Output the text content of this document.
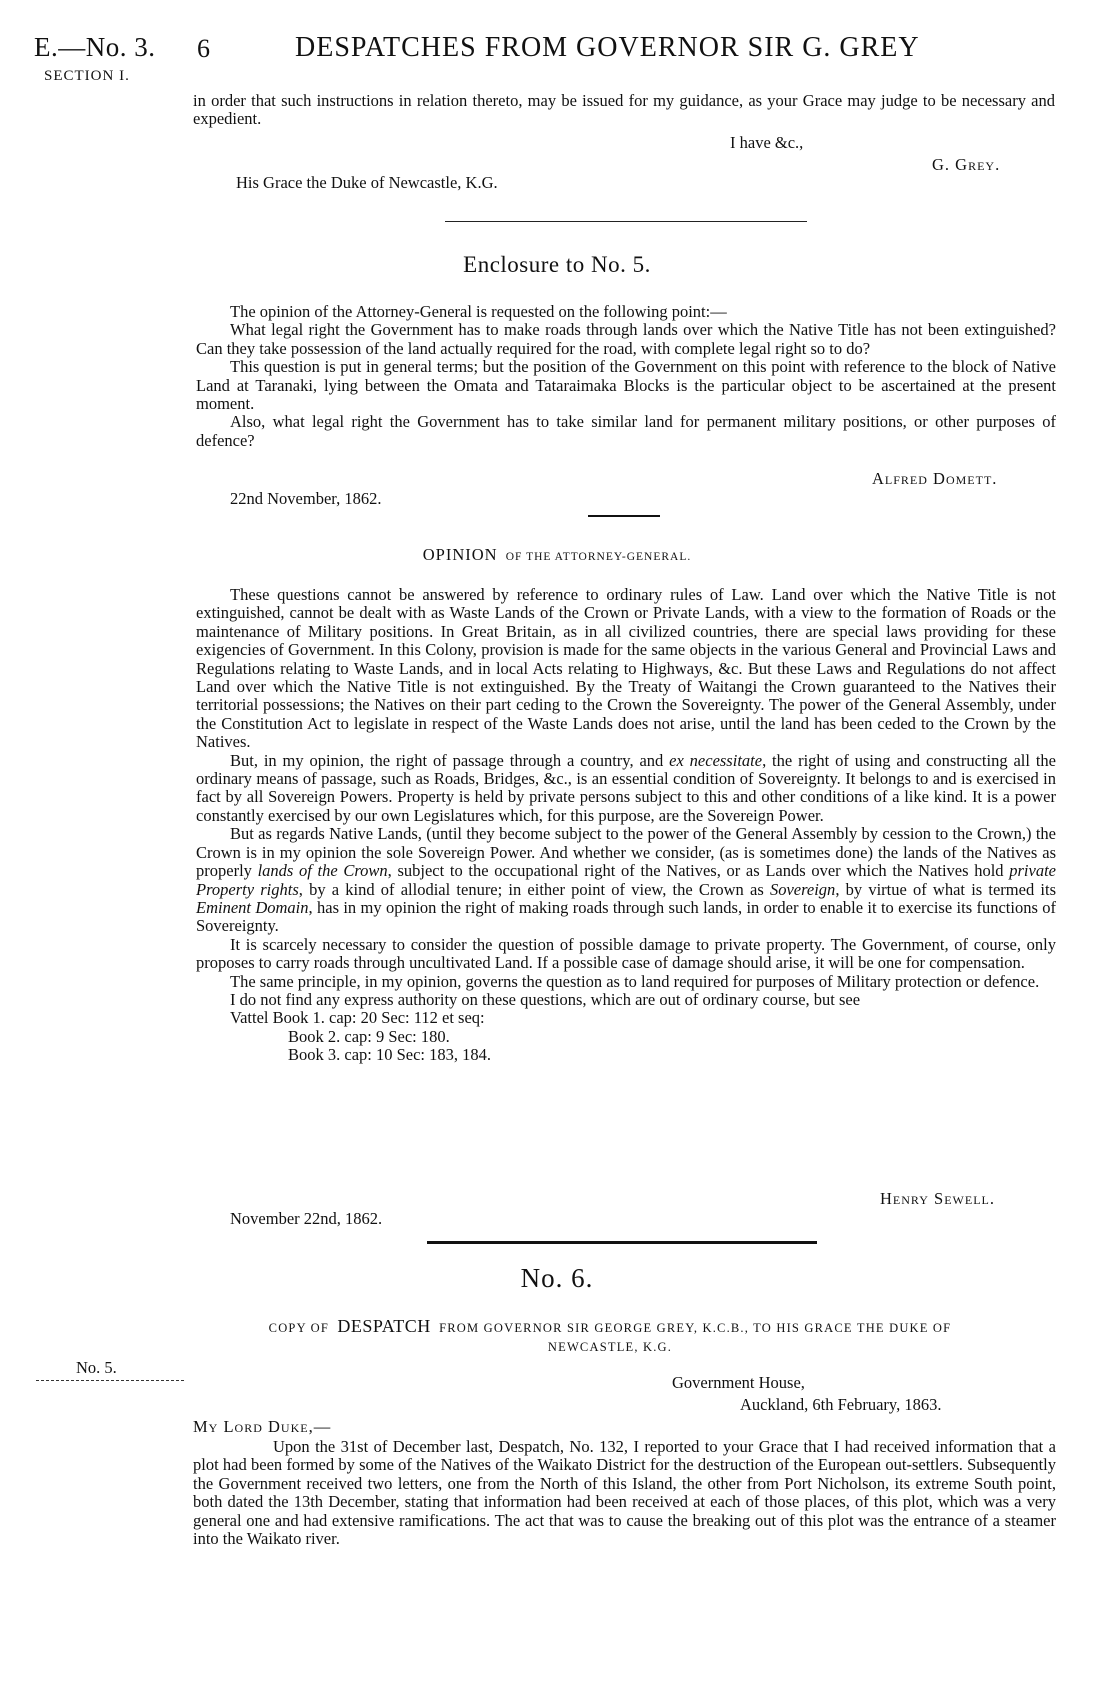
E.—No. 3.
SECTION I.
6	DESPATCHES FROM GOVERNOR SIR G. GREY

in order that such instructions in relation thereto, may be issued for my guidance, as your Grace may judge to be necessary and expedient.

I have &c.,
G. Grey.
His Grace the Duke of Newcastle, K.G.
Enclosure to No. 5.

The opinion of the Attorney-General is requested on the following point:—

What legal right the Government has to make roads through lands over which the Native Title has not been extinguished? Can they take possession of the land actually required for the road, with complete legal right so to do?

This question is put in general terms; but the position of the Government on this point with reference to the block of Native Land at Taranaki, lying between the Omata and Tataraimaka Blocks is the particular object to be ascertained at the present moment.

Also, what legal right the Government has to take similar land for permanent military positions, or other purposes of defence?

Alfred Domett.
22nd November, 1862.
OPINION OF THE ATTORNEY-GENERAL.

These questions cannot be answered by reference to ordinary rules of Law. Land over which the Native Title is not extinguished, cannot be dealt with as Waste Lands of the Crown or Private Lands, with a view to the formation of Roads or the maintenance of Military positions. In Great Britain, as in all civilized countries, there are special laws providing for these exigencies of Government. In this Colony, provision is made for the same objects in the various General and Provincial Laws and Regulations relating to Waste Lands, and in local Acts relating to Highways, &c. But these Laws and Regulations do not affect Land over which the Native Title is not extinguished. By the Treaty of Waitangi the Crown guaranteed to the Natives their territorial possessions; the Natives on their part ceding to the Crown the Sovereignty. The power of the General Assembly, under the Constitution Act to legislate in respect of the Waste Lands does not arise, until the land has been ceded to the Crown by the Natives.

But, in my opinion, the right of passage through a country, and ex necessitate, the right of using and constructing all the ordinary means of passage, such as Roads, Bridges, &c., is an essential condition of Sovereignty. It belongs to and is exercised in fact by all Sovereign Powers. Property is held by private persons subject to this and other conditions of a like kind. It is a power constantly exercised by our own Legislatures which, for this purpose, are the Sovereign Power.

But as regards Native Lands, (until they become subject to the power of the General Assembly by cession to the Crown,) the Crown is in my opinion the sole Sovereign Power. And whether we consider, (as is sometimes done) the lands of the Natives as properly lands of the Crown, subject to the occupational right of the Natives, or as Lands over which the Natives hold private Property rights, by a kind of allodial tenure; in either point of view, the Crown as Sovereign, by virtue of what is termed its Eminent Domain, has in my opinion the right of making roads through such lands, in order to enable it to exercise its functions of Sovereignty.

It is scarcely necessary to consider the question of possible damage to private property. The Government, of course, only proposes to carry roads through uncultivated Land. If a possible case of damage should arise, it will be one for compensation.

The same principle, in my opinion, governs the question as to land required for purposes of Military protection or defence.

I do not find any express authority on these questions, which are out of ordinary course, but see

Vattel Book 1. cap: 20 Sec: 112 et seq:

Book 2. cap: 9 Sec: 180.

Book 3. cap: 10 Sec: 183, 184.

Henry Sewell.
November 22nd, 1862.
No. 6.
COPY OF DESPATCH FROM GOVERNOR SIR GEORGE GREY, K.C.B., TO HIS GRACE THE DUKE OF
NEWCASTLE, K.G.
No. 5.
Government House,
Auckland, 6th February, 1863.
My Lord Duke,—

Upon the 31st of December last, Despatch, No. 132, I reported to your Grace that I had received information that a plot had been formed by some of the Natives of the Waikato District for the destruction of the European out-settlers. Subsequently the Government received two letters, one from the North of this Island, the other from Port Nicholson, its extreme South point, both dated the 13th December, stating that information had been received at each of those places, of this plot, which was a very general one and had extensive ramifications. The act that was to cause the breaking out of this plot was the entrance of a steamer into the Waikato river.
